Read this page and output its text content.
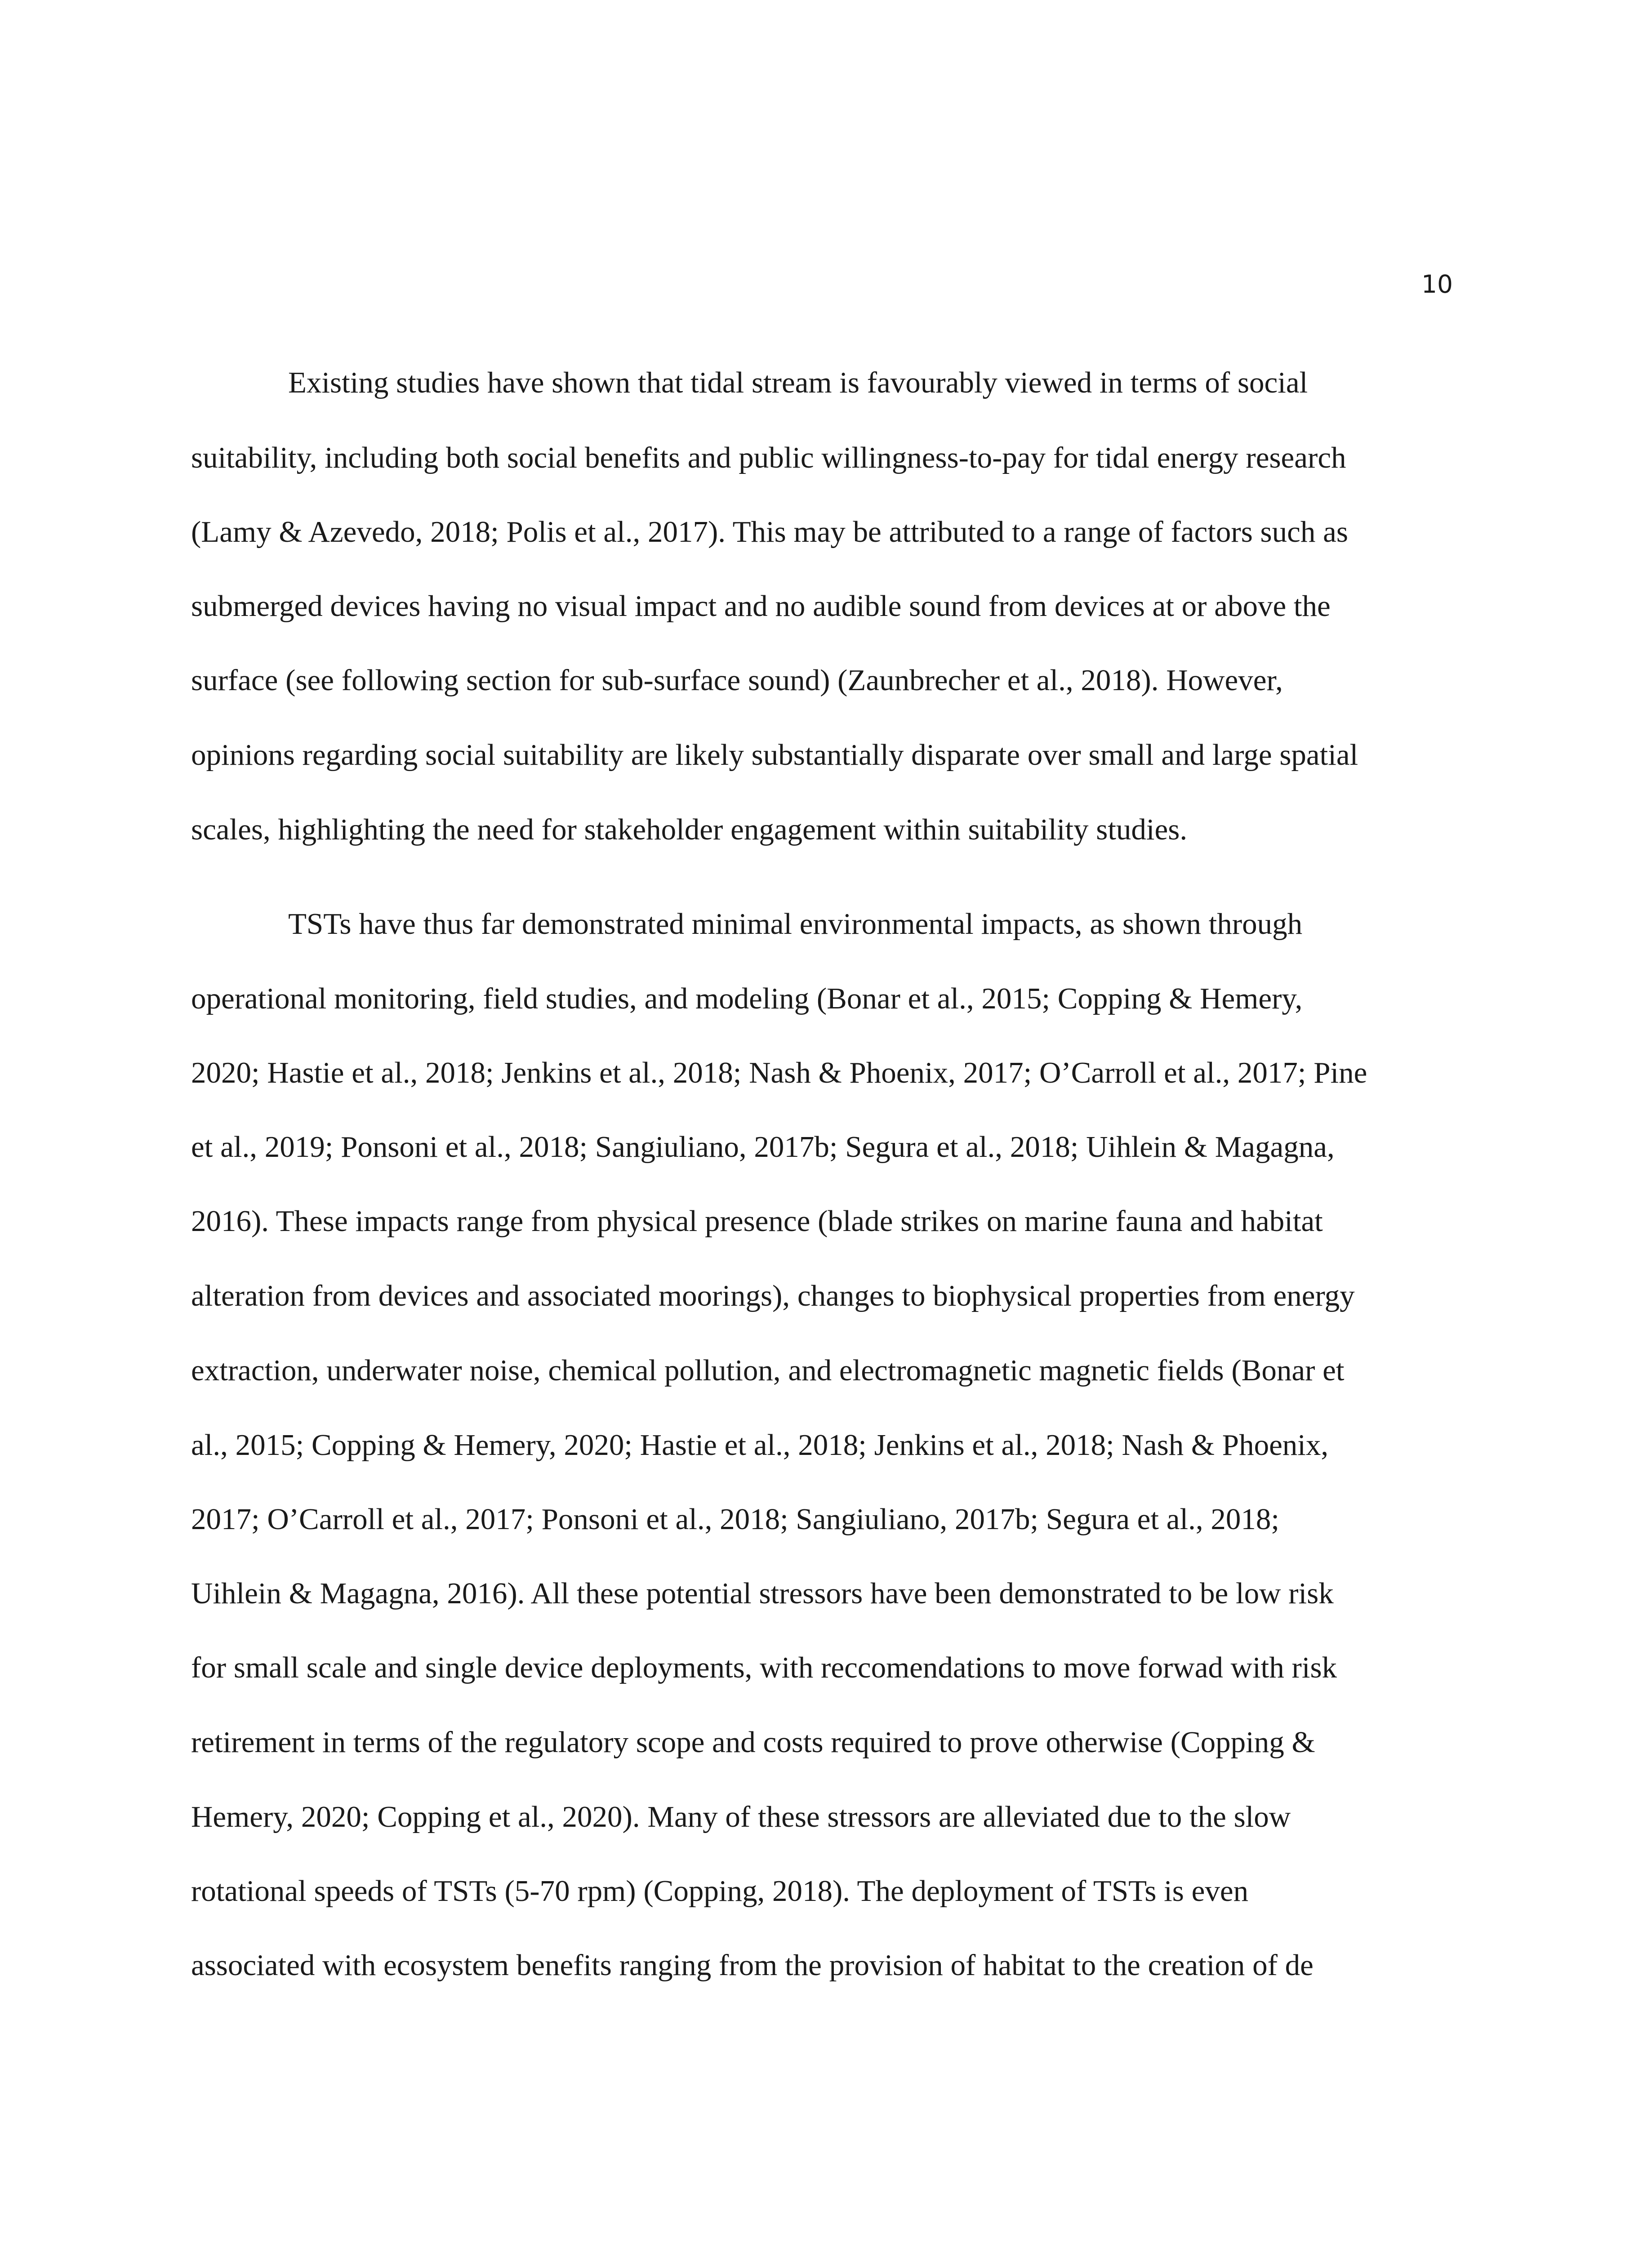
10

Existing studies have shown that tidal stream is favourably viewed in terms of social

suitability, including both social benefits and public willingness-to-pay for tidal energy research

(Lamy & Azevedo, 2018; Polis et al., 2017). This may be attributed to a range of factors such as

submerged devices having no visual impact and no audible sound from devices at or above the

surface (see following section for sub-surface sound) (Zaunbrecher et al., 2018). However,

opinions regarding social suitability are likely substantially disparate over small and large spatial

scales, highlighting the need for stakeholder engagement within suitability studies.

TSTs have thus far demonstrated minimal environmental impacts, as shown through

operational monitoring, field studies, and modeling (Bonar et al., 2015; Copping & Hemery,

2020; Hastie et al., 2018; Jenkins et al., 2018; Nash & Phoenix, 2017; O’Carroll et al., 2017; Pine

et al., 2019; Ponsoni et al., 2018; Sangiuliano, 2017b; Segura et al., 2018; Uihlein & Magagna,

2016). These impacts range from physical presence (blade strikes on marine fauna and habitat

alteration from devices and associated moorings), changes to biophysical properties from energy

extraction, underwater noise, chemical pollution, and electromagnetic magnetic fields (Bonar et

al., 2015; Copping & Hemery, 2020; Hastie et al., 2018; Jenkins et al., 2018; Nash & Phoenix,

2017; O’Carroll et al., 2017; Ponsoni et al., 2018; Sangiuliano, 2017b; Segura et al., 2018;

Uihlein & Magagna, 2016). All these potential stressors have been demonstrated to be low risk

for small scale and single device deployments, with reccomendations to move forwad with risk

retirement in terms of the regulatory scope and costs required to prove otherwise (Copping &

Hemery, 2020; Copping et al., 2020). Many of these stressors are alleviated due to the slow

rotational speeds of TSTs (5-70 rpm) (Copping, 2018). The deployment of TSTs is even

associated with ecosystem benefits ranging from the provision of habitat to the creation of de
